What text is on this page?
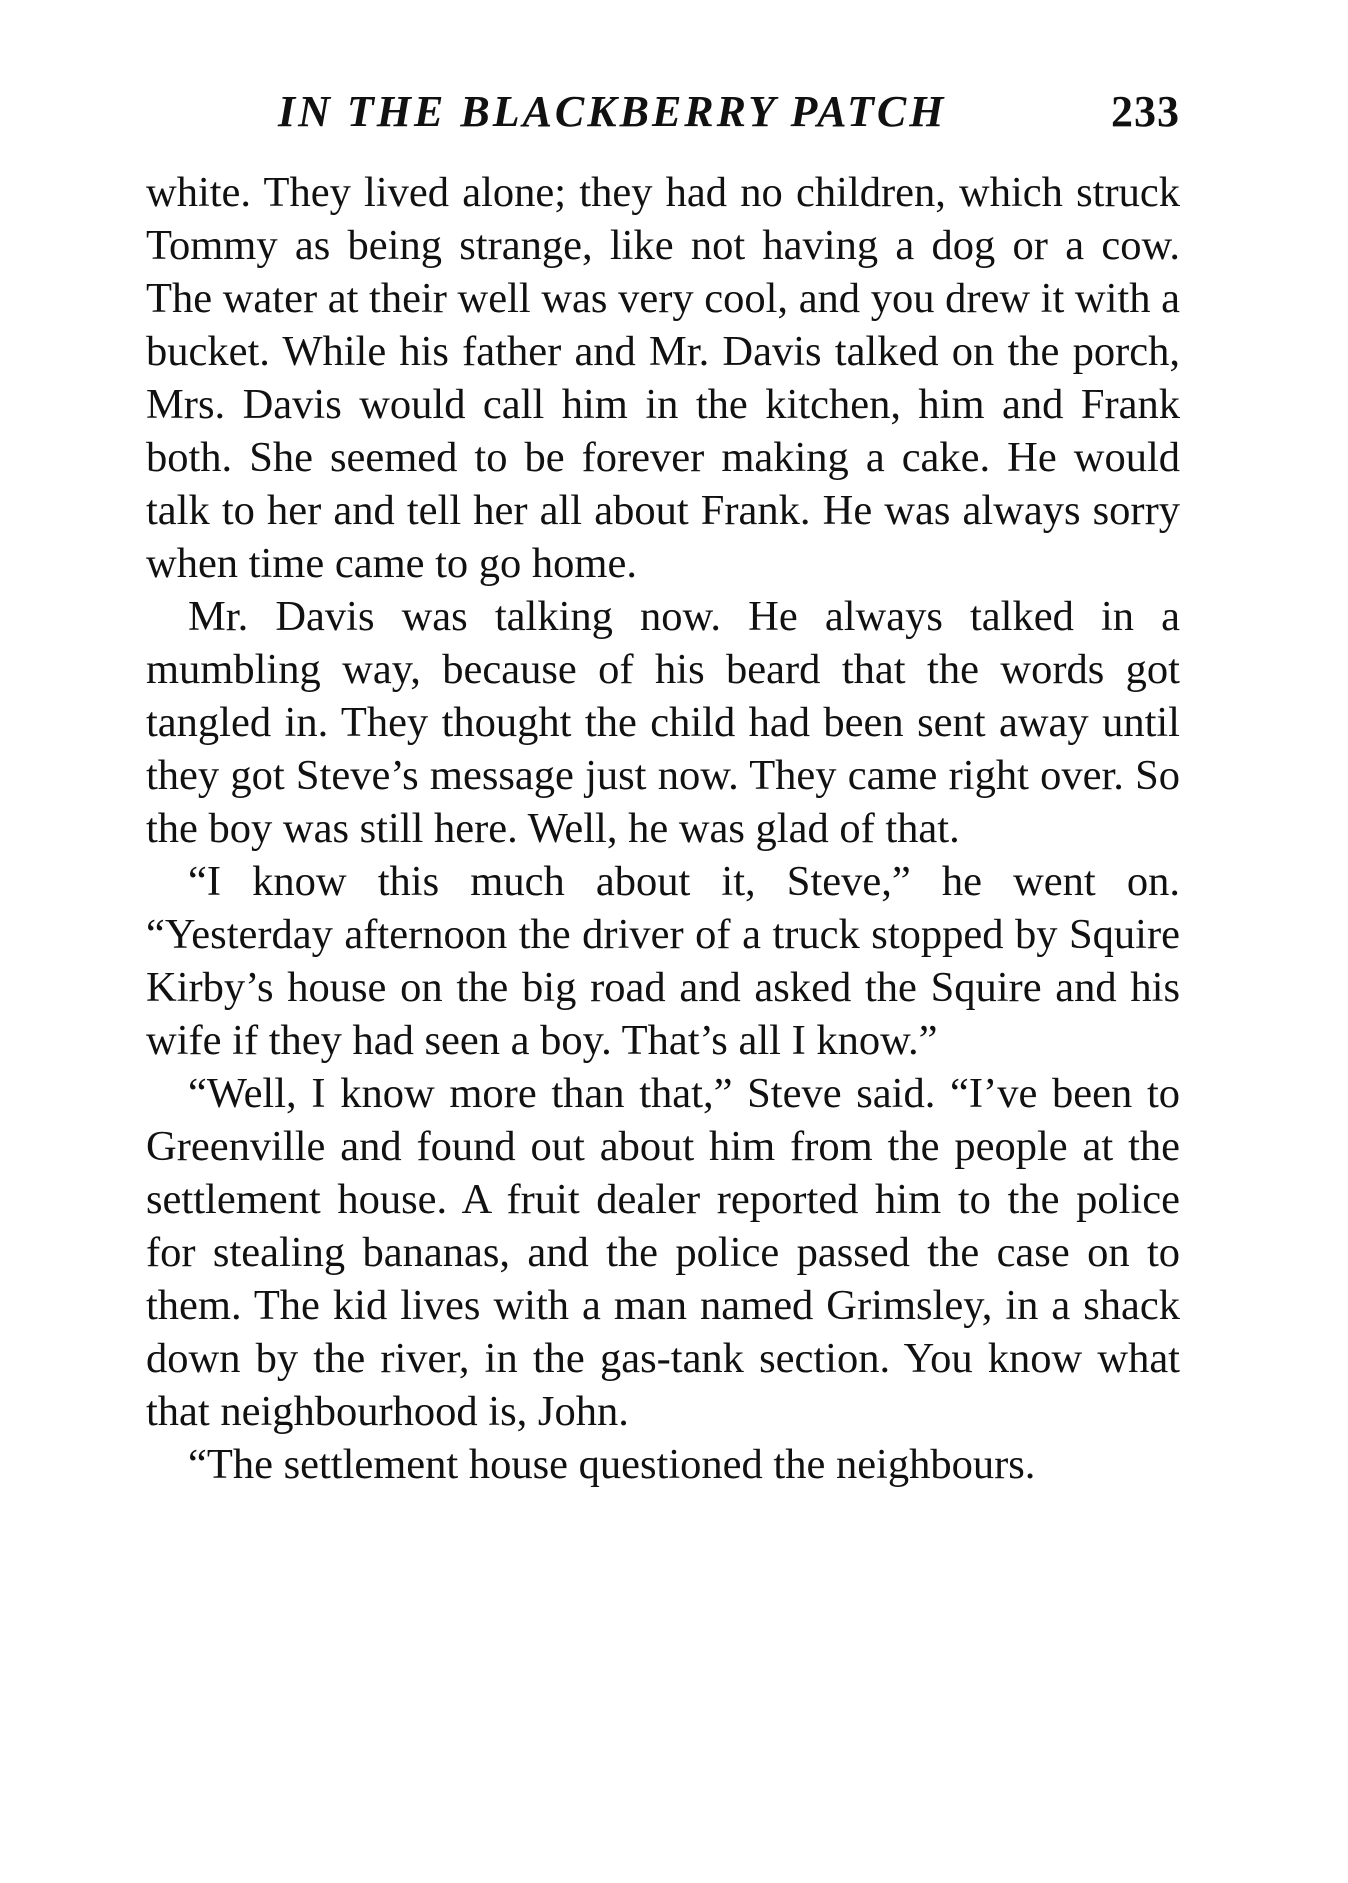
IN THE BLACKBERRY PATCH	233

white. They lived alone; they had no children, which struck Tommy as being strange, like not having a dog or a cow. The water at their well was very cool, and you drew it with a bucket. While his father and Mr. Davis talked on the porch, Mrs. Davis would call him in the kitchen, him and Frank both. She seemed to be forever making a cake. He would talk to her and tell her all about Frank. He was always sorry when time came to go home.

Mr. Davis was talking now. He always talked in a mumbling way, because of his beard that the words got tangled in. They thought the child had been sent away until they got Steve’s message just now. They came right over. So the boy was still here. Well, he was glad of that.

“I know this much about it, Steve,” he went on. “Yesterday afternoon the driver of a truck stopped by Squire Kirby’s house on the big road and asked the Squire and his wife if they had seen a boy. That’s all I know.”

“Well, I know more than that,” Steve said. “I’ve been to Greenville and found out about him from the people at the settlement house. A fruit dealer reported him to the police for stealing bananas, and the police passed the case on to them. The kid lives with a man named Grimsley, in a shack down by the river, in the gas-tank section. You know what that neighbourhood is, John.

“The settlement house questioned the neighbours.
